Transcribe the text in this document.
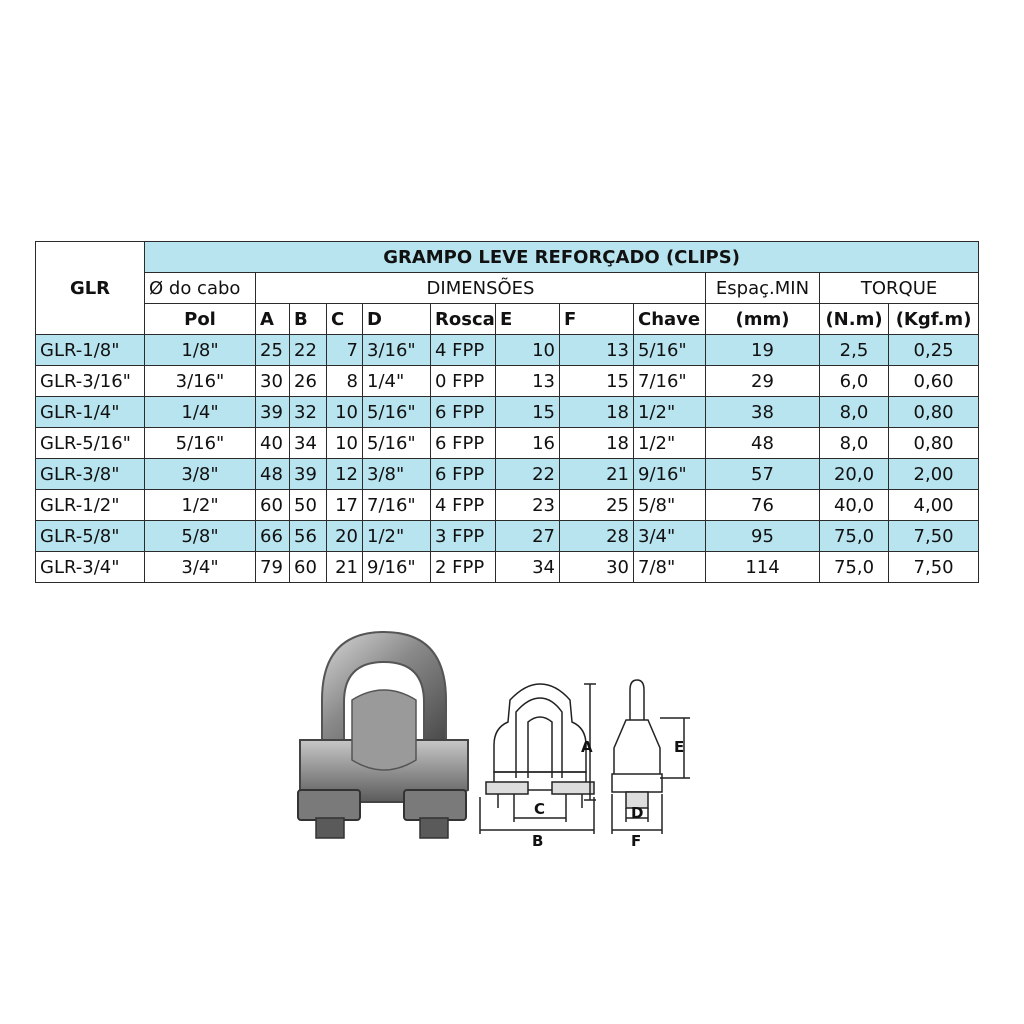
GLR	GRAMPO LEVE REFORÇADO (CLIPS)											
	Ø do cabo	DIMENSÕES								Espaç.MIN	TORQUE	
	Pol	A	B	C	D	Rosca	E	F	Chave	(mm)	(N.m)	(Kgf.m)
GLR-1/8"	1/8"	25	22	7	3/16"	4 FPP	10	13	5/16"	19	2,5	0,25
GLR-3/16"	3/16"	30	26	8	1/4"	0 FPP	13	15	7/16"	29	6,0	0,60
GLR-1/4"	1/4"	39	32	10	5/16"	6 FPP	15	18	1/2"	38	8,0	0,80
GLR-5/16"	5/16"	40	34	10	5/16"	6 FPP	16	18	1/2"	48	8,0	0,80
GLR-3/8"	3/8"	48	39	12	3/8"	6 FPP	22	21	9/16"	57	20,0	2,00
GLR-1/2"	1/2"	60	50	17	7/16"	4 FPP	23	25	5/8"	76	40,0	4,00
GLR-5/8"	5/8"	66	56	20	1/2"	3 FPP	27	28	3/4"	95	75,0	7,50
GLR-3/4"	3/4"	79	60	21	9/16"	2 FPP	34	30	7/8"	114	75,0	7,50
A
C
B
E
D
F
